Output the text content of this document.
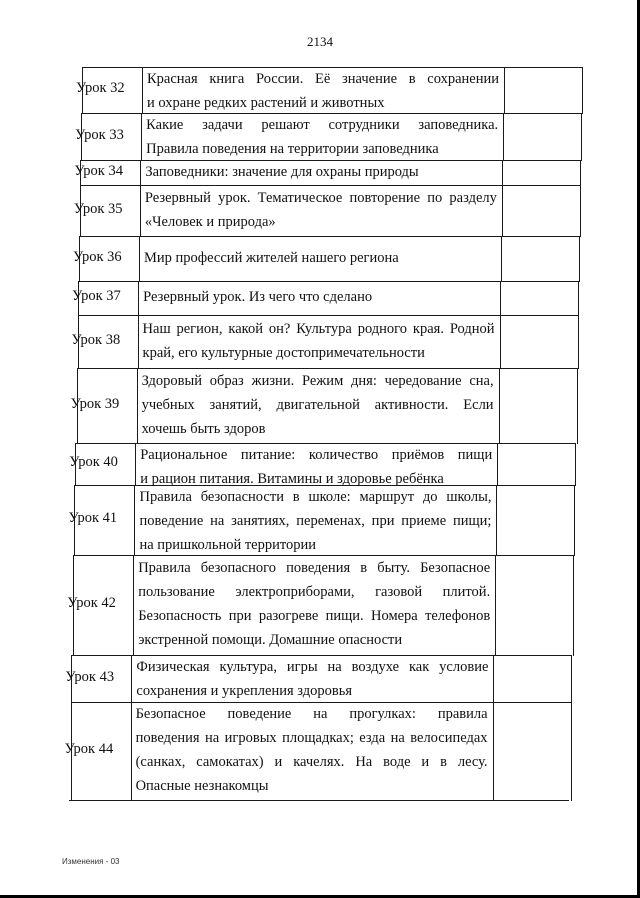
2134
Урок 32
Красная книга России. Её значение в сохранении
и охране редких растений и животных
Урок 33
Какие задачи решают сотрудники заповедника.
Правила поведения на территории заповедника
Урок 34 Заповедники: значение для охраны природы
Урок 35
Резервный урок. Тематическое повторение по разделу
«Человек и природа»
Урок 36 Мир профессий жителей нашего региона
Урок 37 Резервный урок. Из чего что сделано
Урок 38
Наш регион, какой он? Культура родного края. Родной
край, его культурные достопримечательности
Урок 39
Здоровый образ жизни. Режим дня: чередование сна,
учебных занятий, двигательной активности. Если
хочешь быть здоров
Урок 40 Рациональное питание: количество приёмов пищи
и рацион питания. Витамины и здоровье ребёнка
Урок 41
Правила безопасности в школе: маршрут до школы,
поведение на занятиях, переменах, при приеме пищи;
на пришкольной территории
Урок 42
Правила безопасного поведения в быту. Безопасное
пользование электроприборами, газовой плитой.
Безопасность при разогреве пищи. Номера телефонов
экстренной помощи. Домашние опасности
Урок 43
Физическая культура, игры на воздухе как условие
сохранения и укрепления здоровья
Урок 44
Безопасное поведение на прогулках: правила
поведения на игровых площадках; езда на велосипедах
(санках, самокатах) и качелях. На воде и в лесу.
Опасные незнакомцы
Изменения - 03
